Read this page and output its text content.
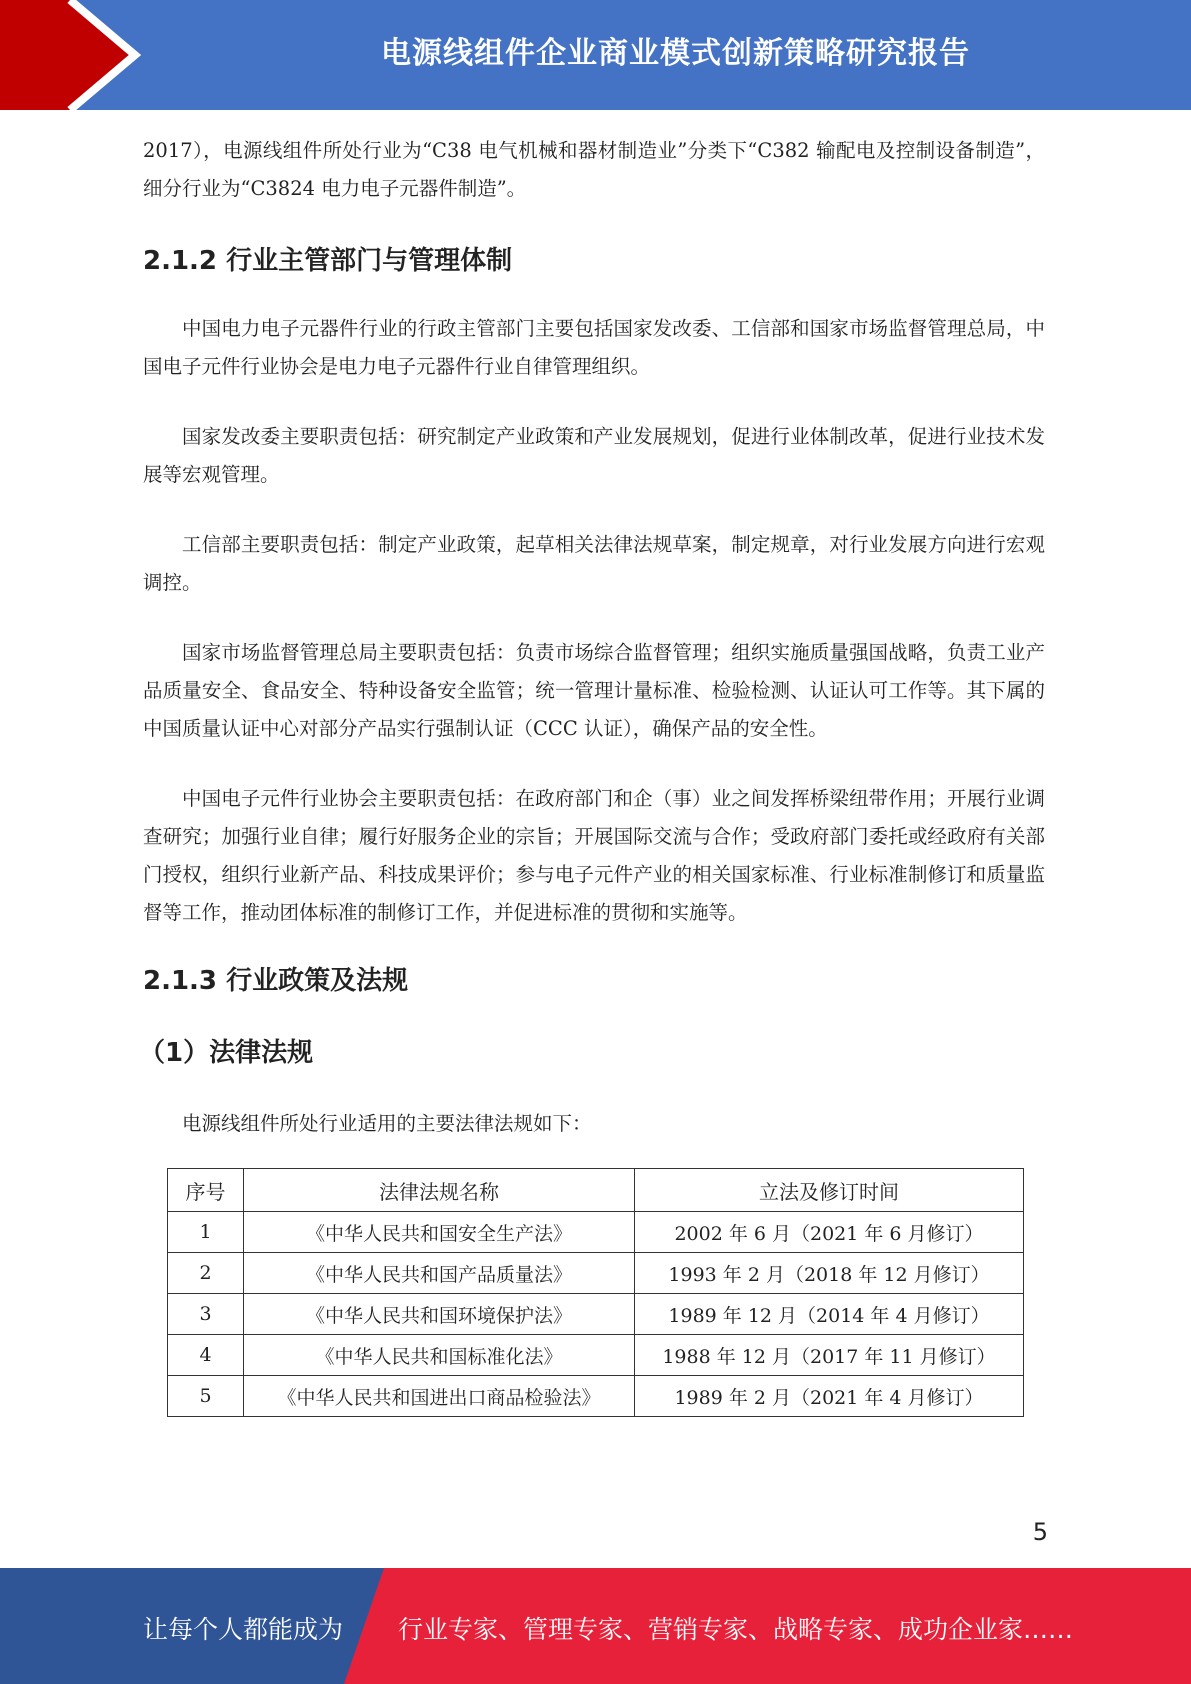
电源线组件企业商业模式创新策略研究报告

2017），电源线组件所处行业为“C38 电气机械和器材制造业”分类下“C382 输配电及控制设备制造”，细分行业为“C3824 电力电子元器件制造”。

2.1.2 行业主管部门与管理体制

中国电力电子元器件行业的行政主管部门主要包括国家发改委、工信部和国家市场监督管理总局，中国电子元件行业协会是电力电子元器件行业自律管理组织。

国家发改委主要职责包括：研究制定产业政策和产业发展规划，促进行业体制改革，促进行业技术发展等宏观管理。

工信部主要职责包括：制定产业政策，起草相关法律法规草案，制定规章，对行业发展方向进行宏观调控。

国家市场监督管理总局主要职责包括：负责市场综合监督管理；组织实施质量强国战略，负责工业产品质量安全、食品安全、特种设备安全监管；统一管理计量标准、检验检测、认证认可工作等。其下属的中国质量认证中心对部分产品实行强制认证（CCC 认证），确保产品的安全性。

中国电子元件行业协会主要职责包括：在政府部门和企（事）业之间发挥桥梁纽带作用；开展行业调查研究；加强行业自律；履行好服务企业的宗旨；开展国际交流与合作；受政府部门委托或经政府有关部门授权，组织行业新产品、科技成果评价；参与电子元件产业的相关国家标准、行业标准制修订和质量监督等工作，推动团体标准的制修订工作，并促进标准的贯彻和实施等。

2.1.3 行业政策及法规
（1）法律法规

电源线组件所处行业适用的主要法律法规如下：

序号	法律法规名称	立法及修订时间
1	《中华人民共和国安全生产法》	2002 年 6 月（2021 年 6 月修订）
2	《中华人民共和国产品质量法》	1993 年 2 月（2018 年 12 月修订）
3	《中华人民共和国环境保护法》	1989 年 12 月（2014 年 4 月修订）
4	《中华人民共和国标准化法》	1988 年 12 月（2017 年 11 月修订）
5	《中华人民共和国进出口商品检验法》	1989 年 2 月（2021 年 4 月修订）
5
让每个人都能成为 行业专家、管理专家、营销专家、战略专家、成功企业家……
